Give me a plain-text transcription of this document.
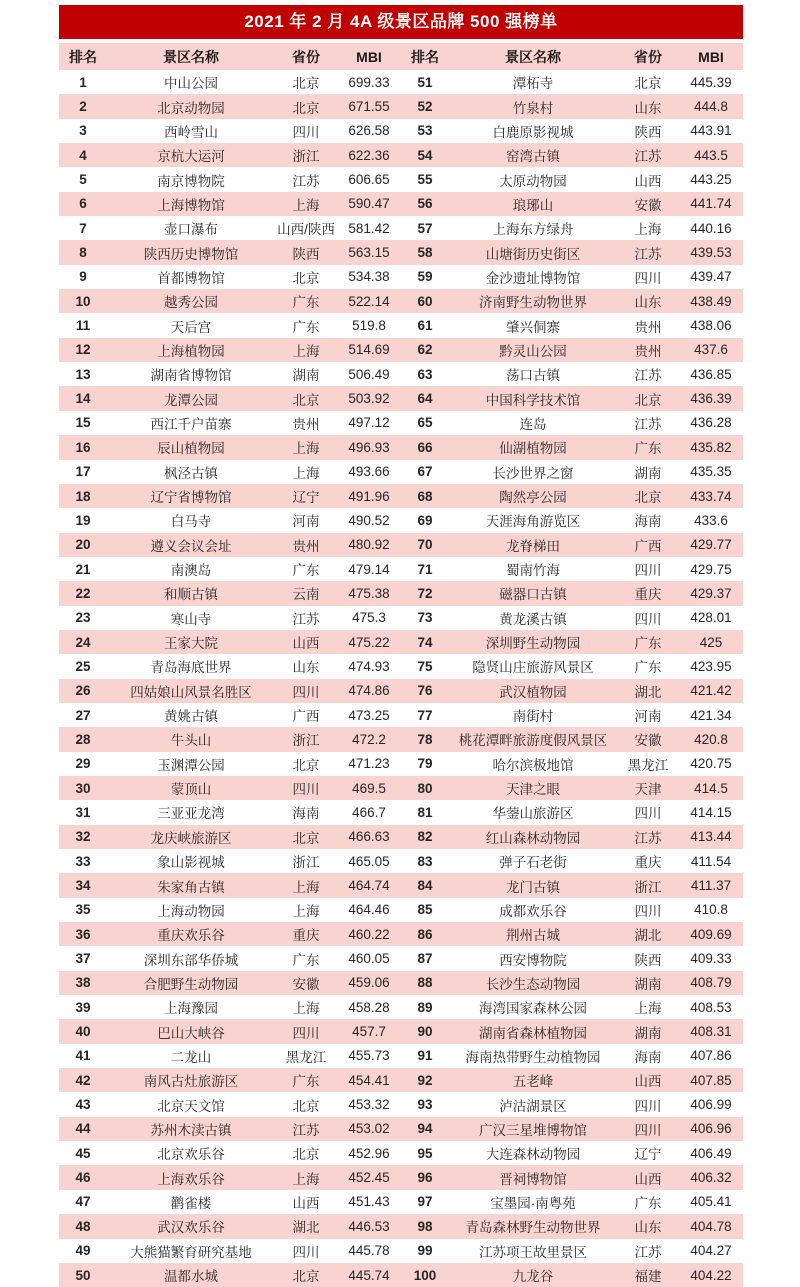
2021 年 2 月 4A 级景区品牌 500 强榜单
排名	景区名称	省份	MBI	排名	景区名称	省份	MBI
1	中山公园	北京	699.33	51	潭柘寺	北京	445.39
2	北京动物园	北京	671.55	52	竹泉村	山东	444.8
3	西岭雪山	四川	626.58	53	白鹿原影视城	陕西	443.91
4	京杭大运河	浙江	622.36	54	窑湾古镇	江苏	443.5
5	南京博物院	江苏	606.65	55	太原动物园	山西	443.25
6	上海博物馆	上海	590.47	56	琅琊山	安徽	441.74
7	壶口瀑布	山西/陕西	581.42	57	上海东方绿舟	上海	440.16
8	陕西历史博物馆	陕西	563.15	58	山塘街历史街区	江苏	439.53
9	首都博物馆	北京	534.38	59	金沙遗址博物馆	四川	439.47
10	越秀公园	广东	522.14	60	济南野生动物世界	山东	438.49
11	天后宫	广东	519.8	61	肇兴侗寨	贵州	438.06
12	上海植物园	上海	514.69	62	黔灵山公园	贵州	437.6
13	湖南省博物馆	湖南	506.49	63	荡口古镇	江苏	436.85
14	龙潭公园	北京	503.92	64	中国科学技术馆	北京	436.39
15	西江千户苗寨	贵州	497.12	65	连岛	江苏	436.28
16	辰山植物园	上海	496.93	66	仙湖植物园	广东	435.82
17	枫泾古镇	上海	493.66	67	长沙世界之窗	湖南	435.35
18	辽宁省博物馆	辽宁	491.96	68	陶然亭公园	北京	433.74
19	白马寺	河南	490.52	69	天涯海角游览区	海南	433.6
20	遵义会议会址	贵州	480.92	70	龙脊梯田	广西	429.77
21	南澳岛	广东	479.14	71	蜀南竹海	四川	429.75
22	和顺古镇	云南	475.38	72	磁器口古镇	重庆	429.37
23	寒山寺	江苏	475.3	73	黄龙溪古镇	四川	428.01
24	王家大院	山西	475.22	74	深圳野生动物园	广东	425
25	青岛海底世界	山东	474.93	75	隐贤山庄旅游风景区	广东	423.95
26	四姑娘山风景名胜区	四川	474.86	76	武汉植物园	湖北	421.42
27	黄姚古镇	广西	473.25	77	南街村	河南	421.34
28	牛头山	浙江	472.2	78	桃花潭畔旅游度假风景区	安徽	420.8
29	玉渊潭公园	北京	471.23	79	哈尔滨极地馆	黑龙江	420.75
30	蒙顶山	四川	469.5	80	天津之眼	天津	414.5
31	三亚亚龙湾	海南	466.7	81	华蓥山旅游区	四川	414.15
32	龙庆峡旅游区	北京	466.63	82	红山森林动物园	江苏	413.44
33	象山影视城	浙江	465.05	83	弹子石老街	重庆	411.54
34	朱家角古镇	上海	464.74	84	龙门古镇	浙江	411.37
35	上海动物园	上海	464.46	85	成都欢乐谷	四川	410.8
36	重庆欢乐谷	重庆	460.22	86	荆州古城	湖北	409.69
37	深圳东部华侨城	广东	460.05	87	西安博物院	陕西	409.33
38	合肥野生动物园	安徽	459.06	88	长沙生态动物园	湖南	408.79
39	上海豫园	上海	458.28	89	海湾国家森林公园	上海	408.53
40	巴山大峡谷	四川	457.7	90	湖南省森林植物园	湖南	408.31
41	二龙山	黑龙江	455.73	91	海南热带野生动植物园	海南	407.86
42	南风古灶旅游区	广东	454.41	92	五老峰	山西	407.85
43	北京天文馆	北京	453.32	93	泸沽湖景区	四川	406.99
44	苏州木渎古镇	江苏	453.02	94	广汉三星堆博物馆	四川	406.96
45	北京欢乐谷	北京	452.96	95	大连森林动物园	辽宁	406.49
46	上海欢乐谷	上海	452.45	96	晋祠博物馆	山西	406.32
47	鹳雀楼	山西	451.43	97	宝墨园·南粤苑	广东	405.41
48	武汉欢乐谷	湖北	446.53	98	青岛森林野生动物世界	山东	404.78
49	大熊猫繁育研究基地	四川	445.78	99	江苏项王故里景区	江苏	404.27
50	温都水城	北京	445.74	100	九龙谷	福建	404.22
